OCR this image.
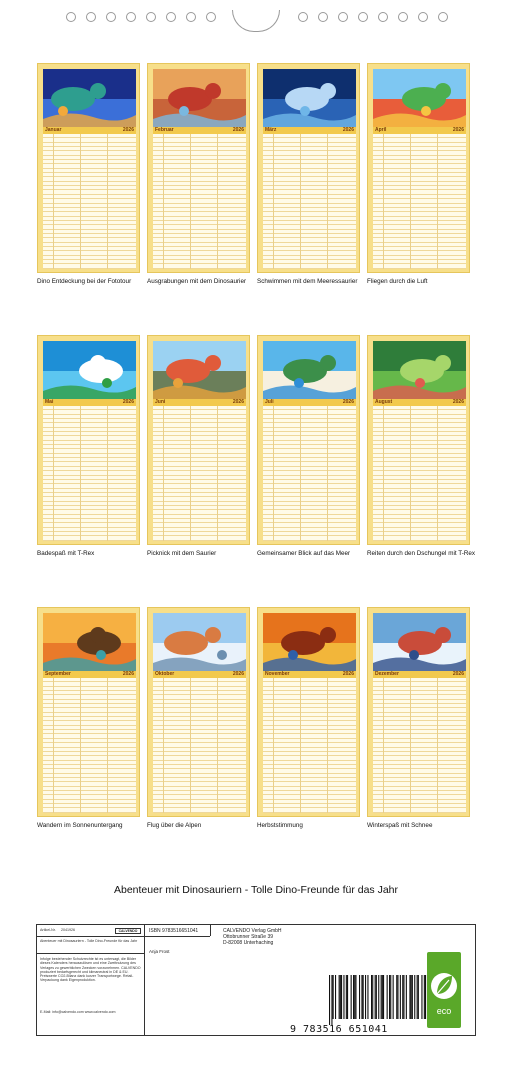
Januar	2026
Dino Entdeckung bei der Fototour
Februar	2026
Ausgrabungen mit dem Dinosaurier
März	2026
Schwimmen mit dem Meeressaurier
April	2026
Fliegen durch die Luft
Mai	2026
Badespaß mit T-Rex
Juni	2026
Picknick mit dem Saurier
Juli	2026
Gemeinsamer Blick auf das Meer
August	2026
Reiten durch den Dschungel mit T-Rex
September	2026
Wandern im Sonnenuntergang
Oktober	2026
Flug über die Alpen
November	2026
Herbststimmung
Dezember	2026
Winterspaß mit Schnee
Abenteuer mit Dinosauriern - Tolle Dino-Freunde für das Jahr
Artikel-Nr. 2041926	CALVENDO
Abenteuer mit Dinosauriern - Tolle Dino-Freunde für das Jahr
Infolge bestehender Schutzrechte ist es untersagt, die Bilder dieses Kalenders herauszulösen und eine Zweitnutzung des Verlages zu gewerblichen Zwecken vorzunehmen. CALVENDO produziert bedarfsgerecht und klimaneutral in DE & EU. Preiswerte CO2-Bilanz dank kurzer Transportwege. Retail-Verpackung dank Eigenproduktion.
E-Mail: info@calvendo.com www.calvendo.com
ISBN 9783516651041
Anja Frost
CALVENDO Verlag GmbH
Ottobrunner Straße 39
D-82008 Unterhaching
9 783516 651041
eco
